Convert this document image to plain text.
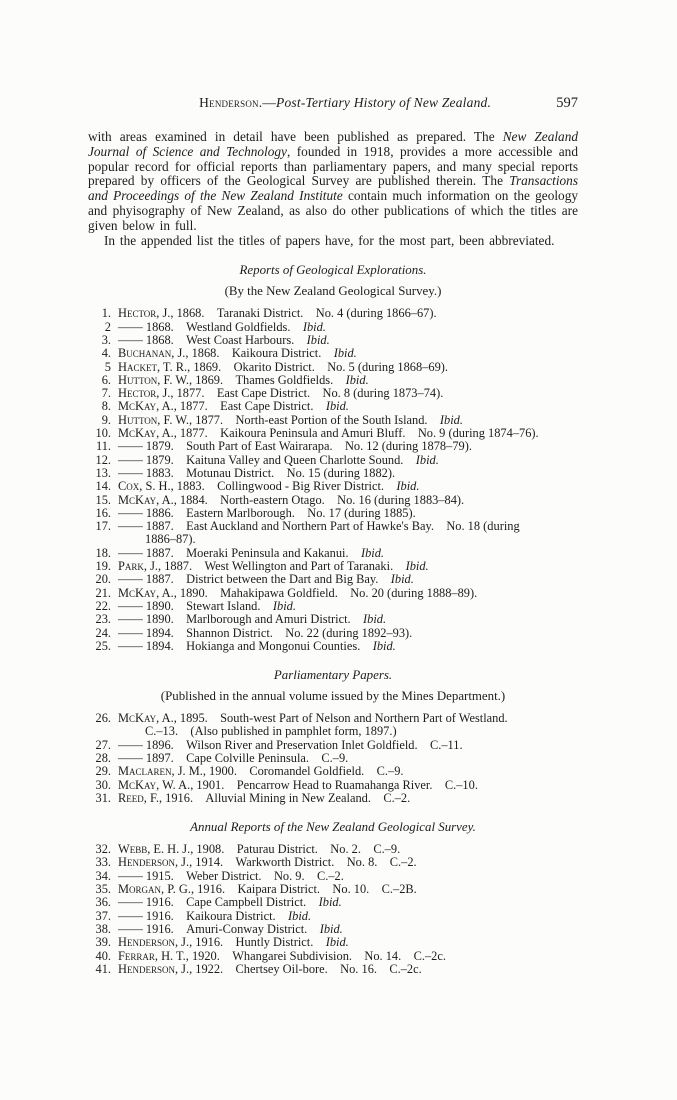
Henderson.—Post-Tertiary History of New Zealand.	597

with areas examined in detail have been published as prepared. The New Zealand Journal of Science and Technology, founded in 1918, provides a more accessible and popular record for official reports than parliamentary papers, and many special reports prepared by officers of the Geological Survey are published therein. The Transactions and Proceedings of the New Zealand Institute contain much information on the geology and phyisography of New Zealand, as also do other publications of which the titles are given below in full.

In the appended list the titles of papers have, for the most part, been abbreviated.

Reports of Geological Explorations.
(By the New Zealand Geological Survey.)
1. Hector, J., 1868. Taranaki District. No. 4 (during 1866–67).
2 —— 1868. Westland Goldfields. Ibid.
3. —— 1868. West Coast Harbours. Ibid.
4. Buchanan, J., 1868. Kaikoura District. Ibid.
5 Hacket, T. R., 1869. Okarito District. No. 5 (during 1868–69).
6. Hutton, F. W., 1869. Thames Goldfields. Ibid.
7. Hector, J., 1877. East Cape District. No. 8 (during 1873–74).
8. McKay, A., 1877. East Cape District. Ibid.
9. Hutton, F. W., 1877. North-east Portion of the South Island. Ibid.
10. McKay, A., 1877. Kaikoura Peninsula and Amuri Bluff. No. 9 (during 1874–76).
11. —— 1879. South Part of East Wairarapa. No. 12 (during 1878–79).
12. —— 1879. Kaituna Valley and Queen Charlotte Sound. Ibid.
13. —— 1883. Motunau District. No. 15 (during 1882).
14. Cox, S. H., 1883. Collingwood - Big River District. Ibid.
15. McKay, A., 1884. North-eastern Otago. No. 16 (during 1883–84).
16. —— 1886. Eastern Marlborough. No. 17 (during 1885).
17. —— 1887. East Auckland and Northern Part of Hawke's Bay. No. 18 (during
1886–87).
18. —— 1887. Moeraki Peninsula and Kakanui. Ibid.
19. Park, J., 1887. West Wellington and Part of Taranaki. Ibid.
20. —— 1887. District between the Dart and Big Bay. Ibid.
21. McKay, A., 1890. Mahakipawa Goldfield. No. 20 (during 1888–89).
22. —— 1890. Stewart Island. Ibid.
23. —— 1890. Marlborough and Amuri District. Ibid.
24. —— 1894. Shannon District. No. 22 (during 1892–93).
25. —— 1894. Hokianga and Mongonui Counties. Ibid.
Parliamentary Papers.
(Published in the annual volume issued by the Mines Department.)
26. McKay, A., 1895. South-west Part of Nelson and Northern Part of Westland.
C.–13. (Also published in pamphlet form, 1897.)
27. —— 1896. Wilson River and Preservation Inlet Goldfield. C.–11.
28. —— 1897. Cape Colville Peninsula. C.–9.
29. Maclaren, J. M., 1900. Coromandel Goldfield. C.–9.
30. McKay, W. A., 1901. Pencarrow Head to Ruamahanga River. C.–10.
31. Reed, F., 1916. Alluvial Mining in New Zealand. C.–2.
Annual Reports of the New Zealand Geological Survey.
32. Webb, E. H. J., 1908. Paturau District. No. 2. C.–9.
33. Henderson, J., 1914. Warkworth District. No. 8. C.–2.
34. —— 1915. Weber District. No. 9. C.–2.
35. Morgan, P. G., 1916. Kaipara District. No. 10. C.–2B.
36. —— 1916. Cape Campbell District. Ibid.
37. —— 1916. Kaikoura District. Ibid.
38. —— 1916. Amuri-Conway District. Ibid.
39. Henderson, J., 1916. Huntly District. Ibid.
40. Ferrar, H. T., 1920. Whangarei Subdivision. No. 14. C.–2c.
41. Henderson, J., 1922. Chertsey Oil-bore. No. 16. C.–2c.
